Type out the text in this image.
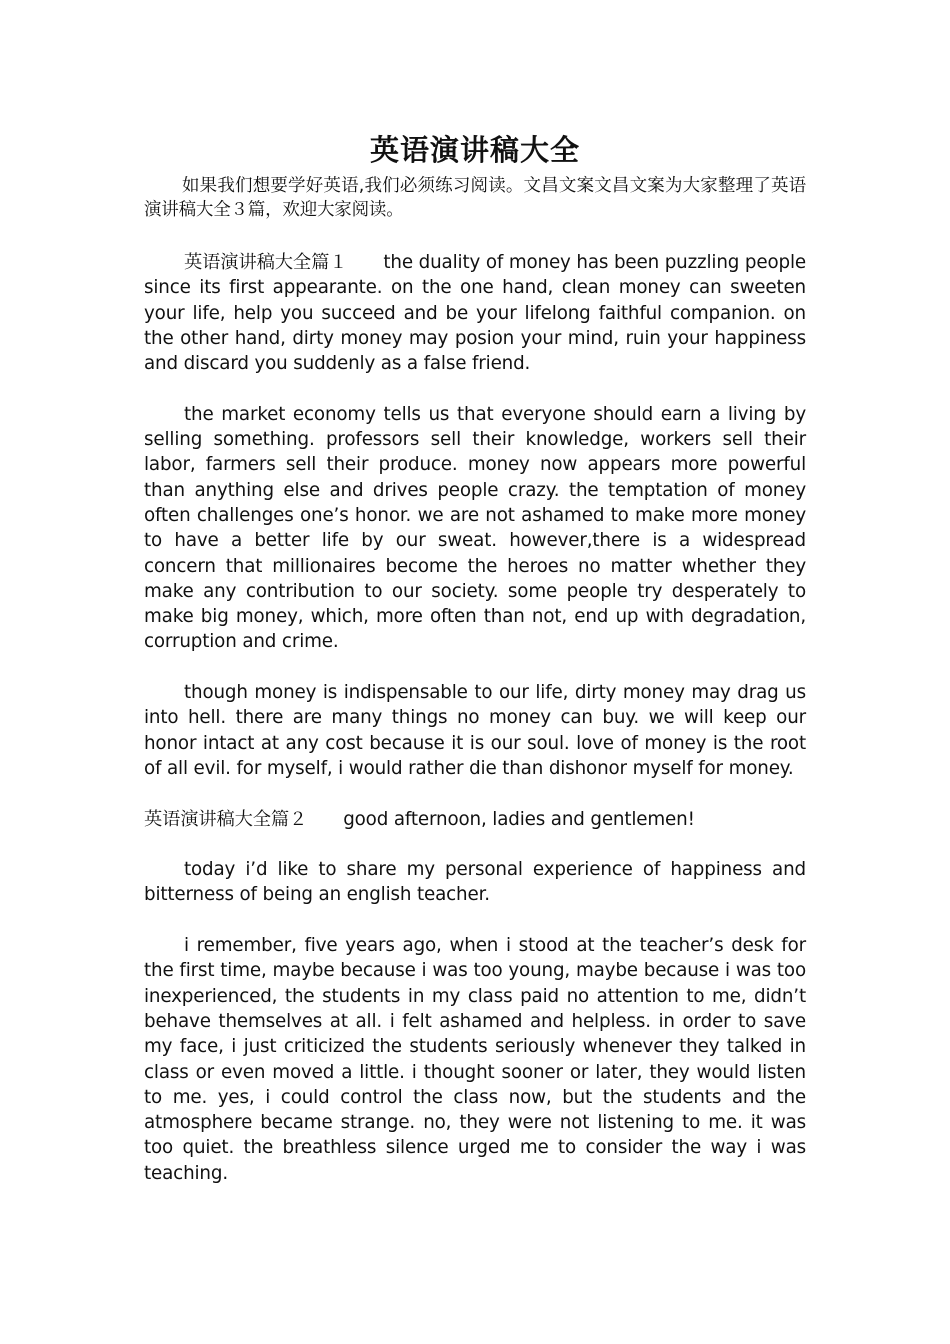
英语演讲稿大全

如果我们想要学好英语,我们必须练习阅读。文昌文案文昌文案为大家整理了英语演讲稿大全３篇，欢迎大家阅读。

英语演讲稿大全篇１ the duality of money has been puzzling people since its first appearante. on the one hand, clean money can sweeten your life, help you succeed and be your lifelong faithful companion. on the other hand, dirty money may posion your mind, ruin your happiness and discard you suddenly as a false friend.

the market economy tells us that everyone should earn a living by selling something. professors sell their knowledge, workers sell their labor, farmers sell their produce. money now appears more powerful than anything else and drives people crazy. the temptation of money often challenges one’s honor. we are not ashamed to make more money to have a better life by our sweat. however,there is a widespread concern that millionaires become the heroes no matter whether they make any contribution to our society. some people try desperately to make big money, which, more often than not, end up with degradation, corruption and crime.

though money is indispensable to our life, dirty money may drag us into hell. there are many things no money can buy. we will keep our honor intact at any cost because it is our soul. love of money is the root of all evil. for myself, i would rather die than dishonor myself for money.

英语演讲稿大全篇２ good afternoon, ladies and gentlemen!

today i’d like to share my personal experience of happiness and bitterness of being an english teacher.

i remember, five years ago, when i stood at the teacher’s desk for the first time, maybe because i was too young, maybe because i was too inexperienced, the students in my class paid no attention to me, didn’t behave themselves at all. i felt ashamed and helpless. in order to save my face, i just criticized the students seriously whenever they talked in class or even moved a little. i thought sooner or later, they would listen to me. yes, i could control the class now, but the students and the atmosphere became strange. no, they were not listening to me. it was too quiet. the breathless silence urged me to consider the way i was teaching.
